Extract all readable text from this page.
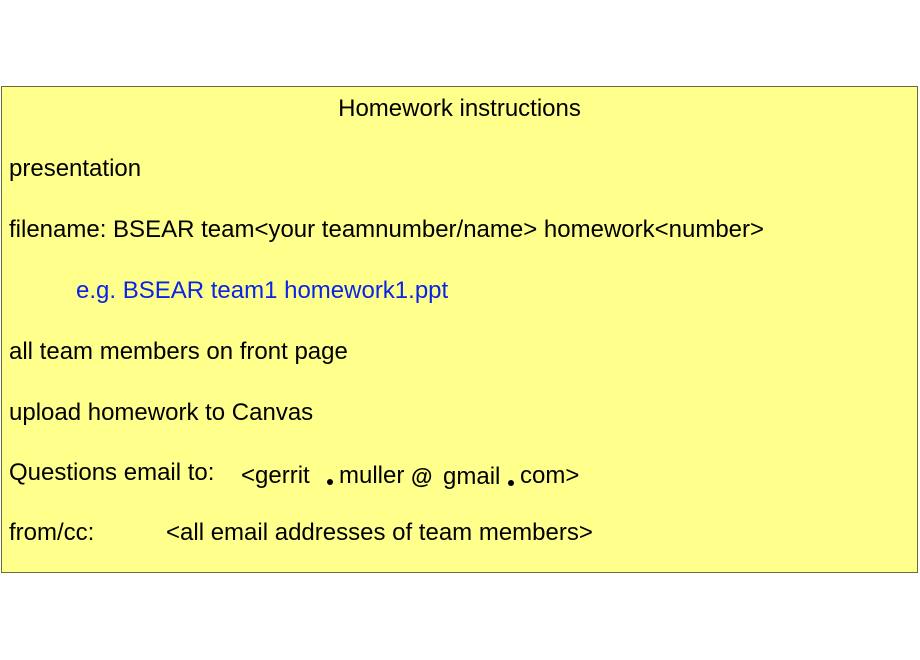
Homework instructions
presentation
filename: BSEAR team<your teamnumber/name> homework<number>
e.g. BSEAR team1 homework1.ppt
all team members on front page
upload homework to Canvas
Questions email to: <gerrit muller @ gmail com>
from/cc:	<all email addresses of team members>
